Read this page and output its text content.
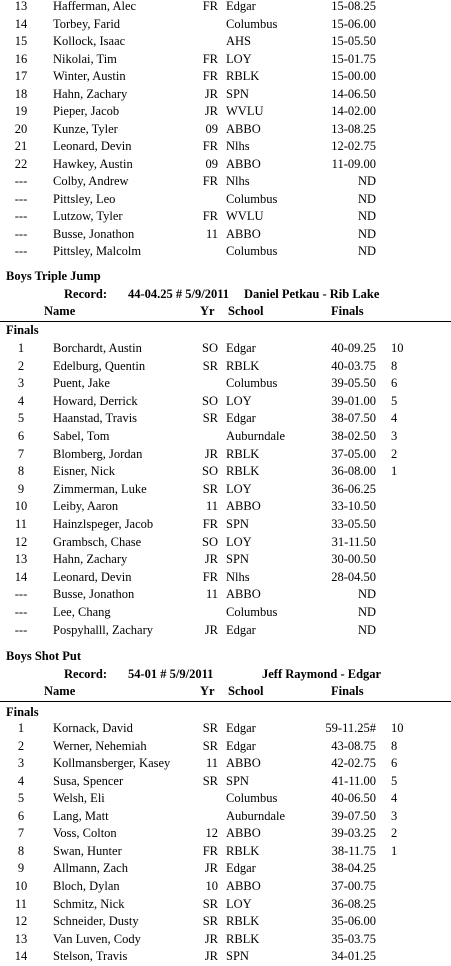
13	Hafferman, Alec	FR Edgar	15-08.25
14	Torbey, Farid	Columbus	15-06.00
15	Kollock, Isaac	AHS	15-05.50
16	Nikolai, Tim	FR LOY	15-01.75
17	Winter, Austin	FR RBLK	15-00.00
18	Hahn, Zachary	JR SPN	14-06.50
19	Pieper, Jacob	JR WVLU	14-02.00
20	Kunze, Tyler	09 ABBO	13-08.25
21	Leonard, Devin	FR Nlhs	12-02.75
22	Hawkey, Austin	09 ABBO	11-09.00
---	Colby, Andrew	FR Nlhs	ND
---	Pittsley, Leo	Columbus	ND
---	Lutzow, Tyler	FR WVLU	ND
---	Busse, Jonathon	11 ABBO	ND
---	Pittsley, Malcolm	Columbus	ND
Boys Triple Jump
Record: 44-04.25 # 5/9/2011 Daniel Petkau - Rib Lake
Name	Yr School	Finals
Finals
1	Borchardt, Austin	SO Edgar	40-09.25 10
2	Edelburg, Quentin	SR RBLK	40-03.75 8
3	Puent, Jake	Columbus	39-05.50 6
4	Howard, Derrick	SO LOY	39-01.00 5
5	Haanstad, Travis	SR Edgar	38-07.50 4
6	Sabel, Tom	Auburndale	38-02.50 3
7	Blomberg, Jordan	JR RBLK	37-05.00 2
8	Eisner, Nick	SO RBLK	36-08.00 1
9	Zimmerman, Luke	SR LOY	36-06.25
10	Leiby, Aaron	11 ABBO	33-10.50
11	Hainzlspeger, Jacob	FR SPN	33-05.50
12	Grambsch, Chase	SO LOY	31-11.50
13	Hahn, Zachary	JR SPN	30-00.50
14	Leonard, Devin	FR Nlhs	28-04.50
---	Busse, Jonathon	11 ABBO	ND
---	Lee, Chang	Columbus	ND
---	Pospyhalll, Zachary	JR Edgar	ND
Boys Shot Put
Record: 54-01 # 5/9/2011	Jeff Raymond - Edgar
Name	Yr School	Finals
Finals
1	Kornack, David	SR Edgar	59-11.25# 10
2	Werner, Nehemiah	SR Edgar	43-08.75 8
3	Kollmansberger, Kasey	11 ABBO	42-02.75 6
4	Susa, Spencer	SR SPN	41-11.00 5
5	Welsh, Eli	Columbus	40-06.50 4
6	Lang, Matt	Auburndale	39-07.50 3
7	Voss, Colton	12 ABBO	39-03.25 2
8	Swan, Hunter	FR RBLK	38-11.75 1
9	Allmann, Zach	JR Edgar	38-04.25
10	Bloch, Dylan	10 ABBO	37-00.75
11	Schmitz, Nick	SR LOY	36-08.25
12	Schneider, Dusty	SR RBLK	35-06.00
13	Van Luven, Cody	JR RBLK	35-03.75
14	Stelson, Travis	JR SPN	34-01.25
